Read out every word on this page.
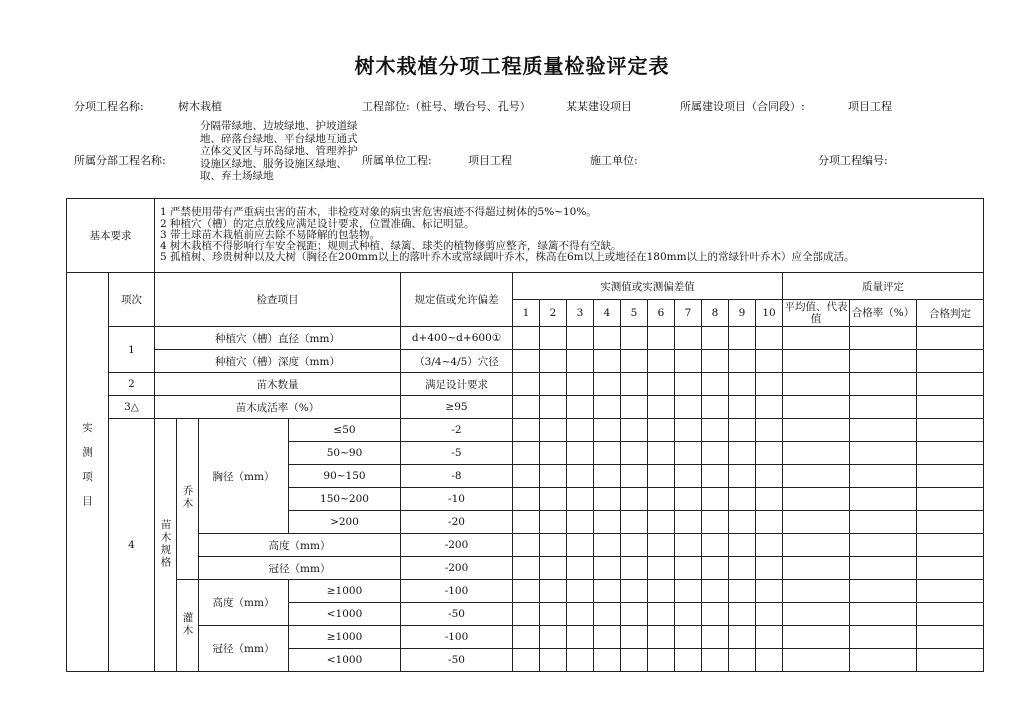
树木栽植分项工程质量检验评定表
分项工程名称:	树木栽植	工程部位:（桩号、墩台号、孔号）	某某建设项目	所属建设项目（合同段）:	项目工程
所属分部工程名称:
分隔带绿地、边坡绿地、护坡道绿地、碎落台绿地、平台绿地互通式立体交叉区与环岛绿地、管理养护设施区绿地、服务设施区绿地、取、弃土场绿地
所属单位工程:	项目工程	施工单位:	分项工程编号:
基本要求		1 严禁使用带有严重病虫害的苗木，非检疫对象的病虫害危害痕迹不得超过树体的5%~10%。
2 种植穴（槽）的定点放线应满足设计要求，位置准确、标记明显。
3 带土球苗木栽植前应去除不易降解的包装物。
4 树木栽植不得影响行车安全视距；规则式种植、绿篱、球类的植物修剪应整齐，绿篱不得有空缺。
5 孤植树、珍贵树种以及大树（胸径在200mm以上的落叶乔木或常绿阔叶乔木，株高在6m以上或地径在180mm以上的常绿针叶乔木）应全部成活。																	

实测项目	项次	检查项目				规定值或允许偏差	实测值或实测偏差值										质量评定		
							1	2	3	4	5	6	7	8	9	10	平均值、代表值	合格率（%）	合格判定
	1	种植穴（槽）直径（mm）				d+400~d+600①													
		种植穴（槽）深度（mm）				（3/4~4/5）穴径													
	2	苗木数量				满足设计要求													
	3△	苗木成活率（%）				≥95													
	4	苗木规格	乔木	胸径（mm）	≤50	-2													
					50~90	-5													
					90~150	-8													
					150~200	-10													
					>200	-20													
				高度（mm）		-200													
				冠径（mm）		-200													
			灌木	高度（mm）	≥1000	-100													
					<1000	-50													
				冠径（mm）	≥1000	-100													
					<1000	-50													
